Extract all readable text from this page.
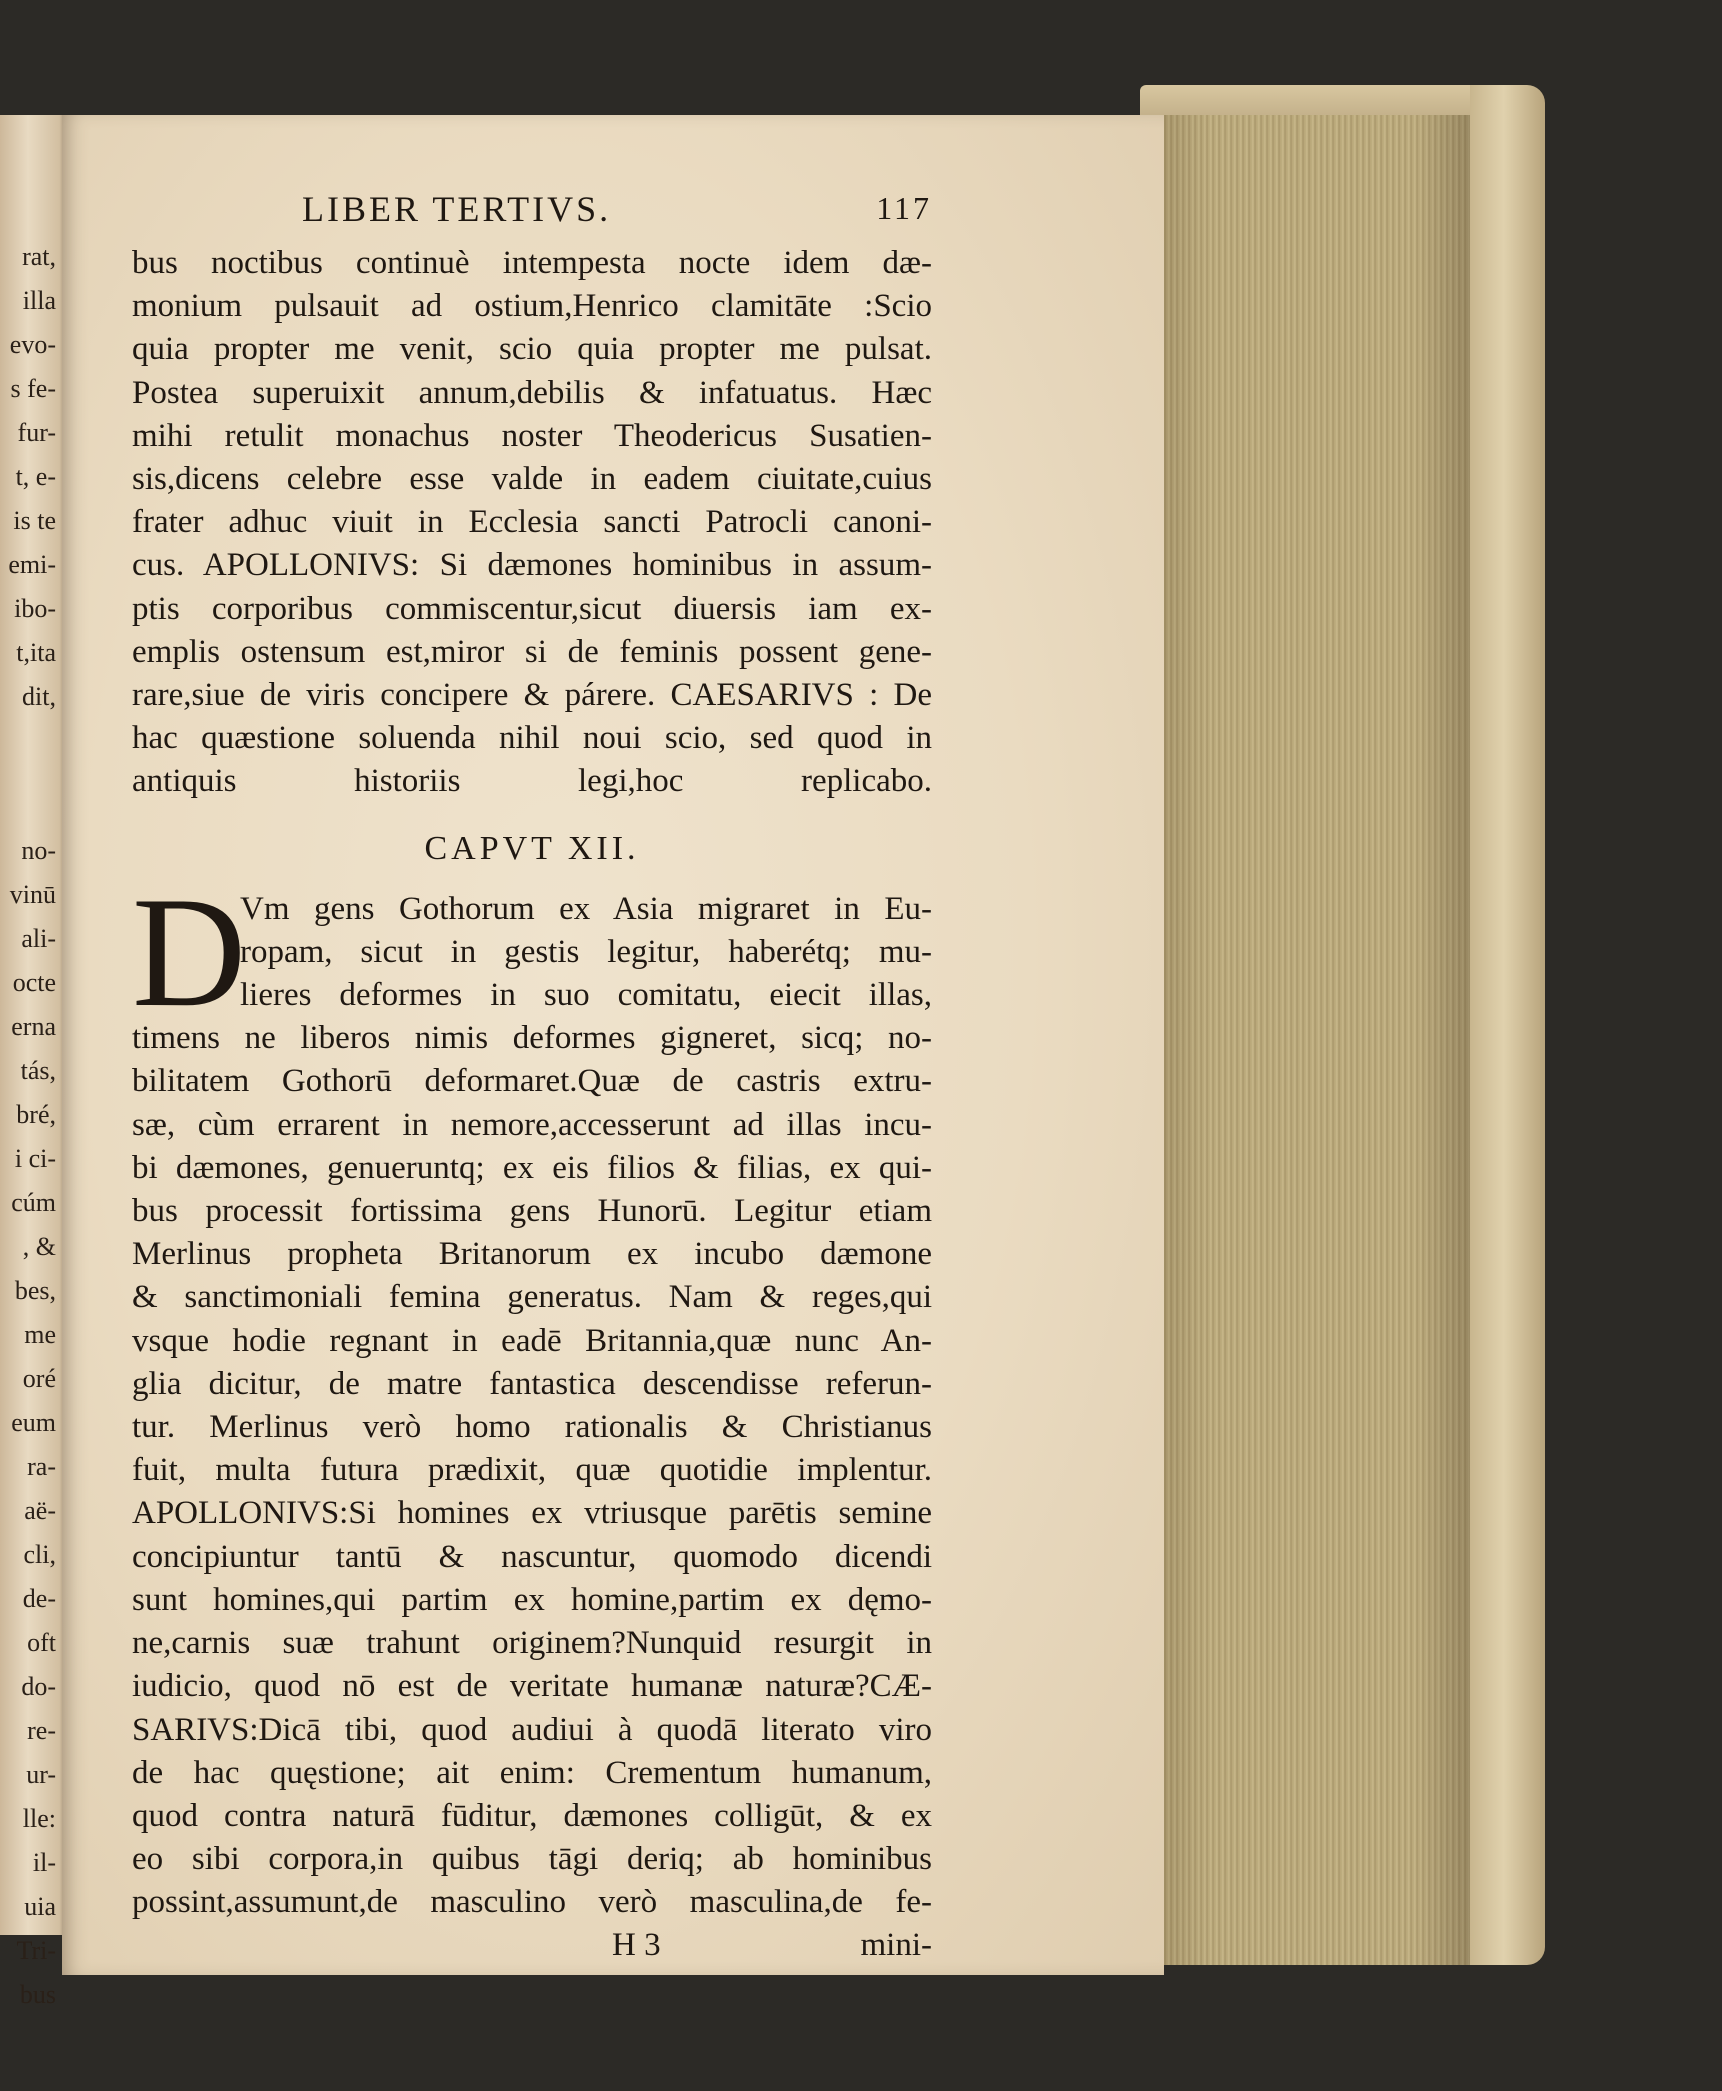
rat,
illa
evo-
s fe-
fur-
t, e-
is te
emi-
ibo-
t,ita
dit,
no-
vinū
ali-
octe
erna
tás,
bré,
i ci-
cúm
, &
bes,
me
oré
eum
ra-
aë-
cli,
de-
oft
do-
re-
ur-
lle:
il-
uia
Tri-
bus
LIBER TERTIVS.	117
bus noctibus continuè intempesta nocte idem dæ-
monium pulsauit ad ostium,Henrico clamitāte :Scio
quia propter me venit, scio quia propter me pulsat.
Postea superuixit annum,debilis & infatuatus. Hæc
mihi retulit monachus noster Theodericus Susatien-
sis,dicens celebre esse valde in eadem ciuitate,cuius
frater adhuc viuit in Ecclesia sancti Patrocli canoni-
cus. APOLLONIVS: Si dæmones hominibus in assum-
ptis corporibus commiscentur,sicut diuersis iam ex-
emplis ostensum est,miror si de feminis possent gene-
rare,siue de viris concipere & párere. CAESARIVS : De
hac quæstione soluenda nihil noui scio, sed quod in
antiquis historiis legi,hoc replicabo.
CAPVT XII.
D
Vm gens Gothorum ex Asia migraret in Eu-
ropam, sicut in gestis legitur, haberétq; mu-
lieres deformes in suo comitatu, eiecit illas,
timens ne liberos nimis deformes gigneret, sicq; no-
bilitatem Gothorū deformaret.Quæ de castris extru-
sæ, cùm errarent in nemore,accesserunt ad illas incu-
bi dæmones, genueruntq; ex eis filios & filias, ex qui-
bus processit fortissima gens Hunorū. Legitur etiam
Merlinus propheta Britanorum ex incubo dæmone
& sanctimoniali femina generatus. Nam & reges,qui
vsque hodie regnant in eadē Britannia,quæ nunc An-
glia dicitur, de matre fantastica descendisse referun-
tur. Merlinus verò homo rationalis & Christianus
fuit, multa futura prædixit, quæ quotidie implentur.
APOLLONIVS:Si homines ex vtriusque parētis semine
concipiuntur tantū & nascuntur, quomodo dicendi
sunt homines,qui partim ex homine,partim ex dęmo-
ne,carnis suæ trahunt originem?Nunquid resurgit in
iudicio, quod nō est de veritate humanæ naturæ?CÆ-
SARIVS:Dicā tibi, quod audiui à quodā literato viro
de hac quęstione; ait enim: Crementum humanum,
quod contra naturā fūditur, dæmones colligūt, & ex
eo sibi corpora,in quibus tāgi deriq; ab hominibus
possint,assumunt,de masculino verò masculina,de fe-
H 3	mini-
